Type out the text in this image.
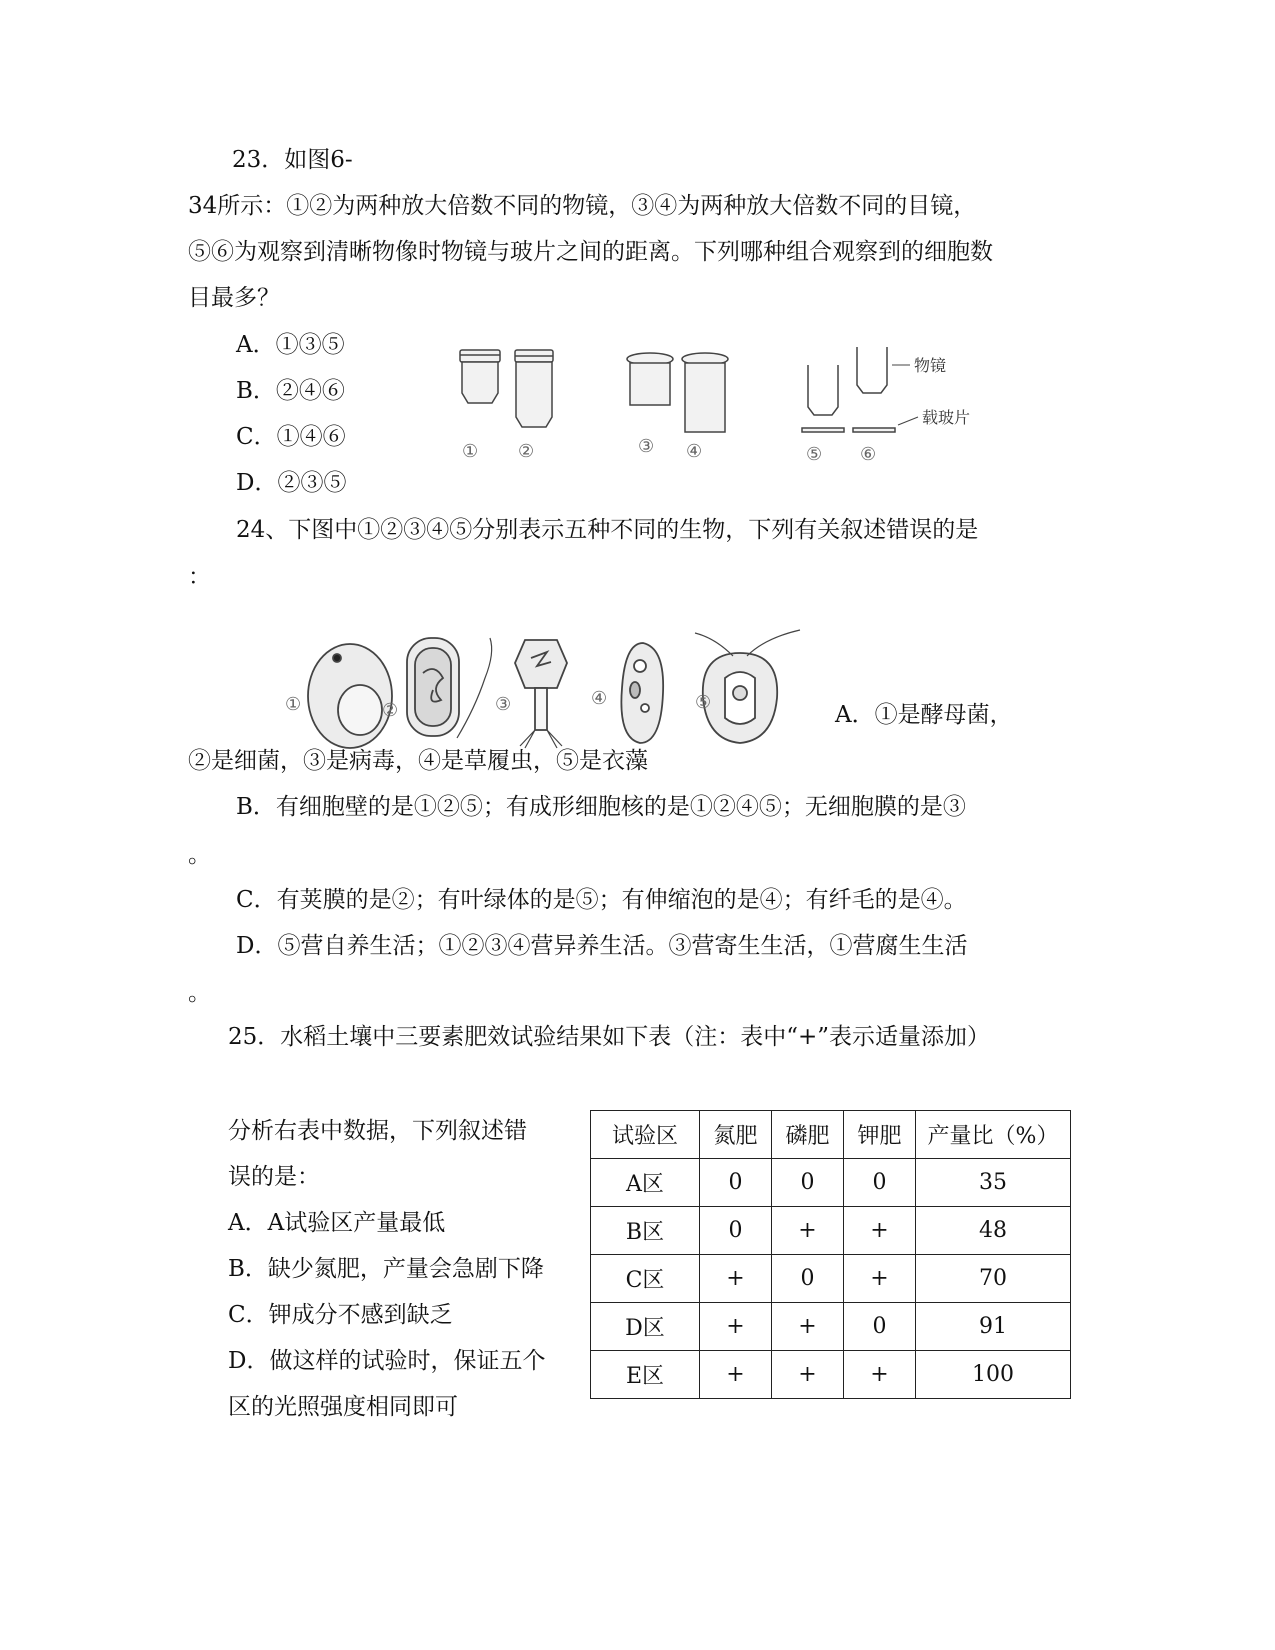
23．如图6-
34所示：①②为两种放大倍数不同的物镜，③④为两种放大倍数不同的目镜，
⑤⑥为观察到清晰物像时物镜与玻片之间的距离。下列哪种组合观察到的细胞数
目最多？
A．①③⑤
B．②④⑥
C．①④⑥
D．②③⑤
物镜
载玻片
① ②	③ ④	⑤ ⑥
24、下图中①②③④⑤分别表示五种不同的生物，下列有关叙述错误的是
：
①	②	③	④	⑤	A．①是酵母菌，
②是细菌，③是病毒，④是草履虫，⑤是衣藻
B．有细胞壁的是①②⑤；有成形细胞核的是①②④⑤；无细胞膜的是③
。
C．有荚膜的是②；有叶绿体的是⑤；有伸缩泡的是④；有纤毛的是④。
D．⑤营自养生活；①②③④营异养生活。③营寄生生活，①营腐生生活
。
25．水稻土壤中三要素肥效试验结果如下表（注：表中“+”表示适量添加）
分析右表中数据，下列叙述错
误的是：
A．A试验区产量最低
B．缺少氮肥，产量会急剧下降
C．钾成分不感到缺乏
D．做这样的试验时，保证五个
区的光照强度相同即可
试验区	氮肥	磷肥	钾肥	产量比（%）
A区	0	0	0	35
B区	0	+	+	48
C区	+	0	+	70
D区	+	+	0	91
E区	+	+	+	100
